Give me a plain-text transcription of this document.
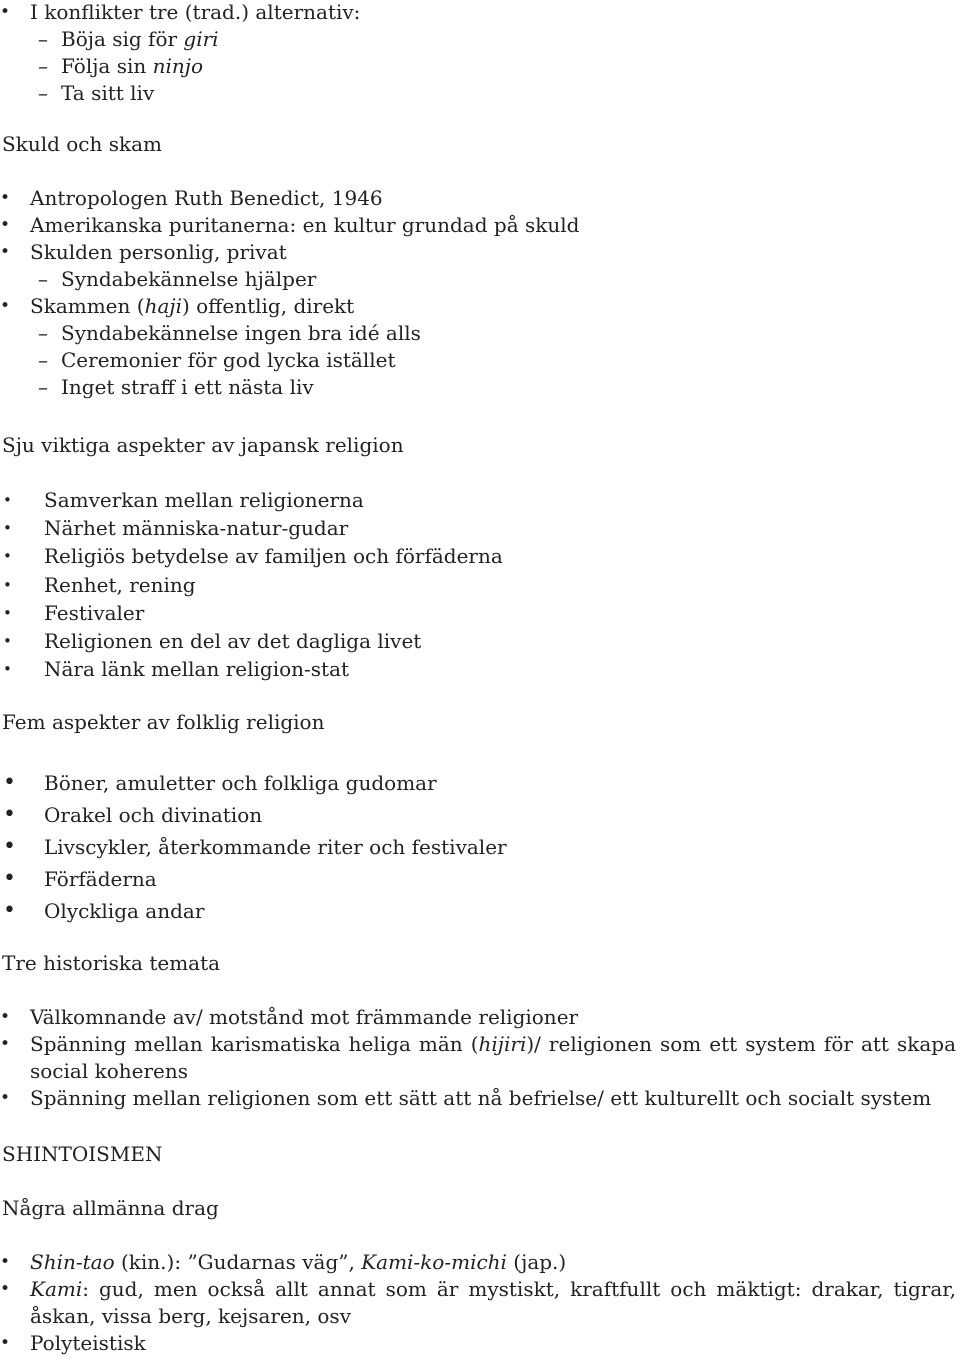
• I konflikter tre (trad.) alternativ:
– Böja sig för giri
– Följa sin ninjo
– Ta sitt liv
Skuld och skam
• Antropologen Ruth Benedict, 1946
• Amerikanska puritanerna: en kultur grundad på skuld
• Skulden personlig, privat
– Syndabekännelse hjälper
• Skammen (haji) offentlig, direkt
– Syndabekännelse ingen bra idé alls
– Ceremonier för god lycka istället
– Inget straff i ett nästa liv
Sju viktiga aspekter av japansk religion
• Samverkan mellan religionerna
• Närhet människa-natur-gudar
• Religiös betydelse av familjen och förfäderna
• Renhet, rening
• Festivaler
• Religionen en del av det dagliga livet
• Nära länk mellan religion-stat
Fem aspekter av folklig religion
• Böner, amuletter och folkliga gudomar
• Orakel och divination
• Livscykler, återkommande riter och festivaler
• Förfäderna
• Olyckliga andar
Tre historiska temata
• Välkomnande av/ motstånd mot främmande religioner
• Spänning mellan karismatiska heliga män (hijiri)/ religionen som ett system för att skapa social koherens
• Spänning mellan religionen som ett sätt att nå befrielse/ ett kulturellt och socialt system
SHINTOISMEN
Några allmänna drag
• Shin-tao (kin.): ”Gudarnas väg”, Kami-ko-michi (jap.)
• Kami: gud, men också allt annat som är mystiskt, kraftfullt och mäktigt: drakar, tigrar, åskan, vissa berg, kejsaren, osv
• Polyteistisk
